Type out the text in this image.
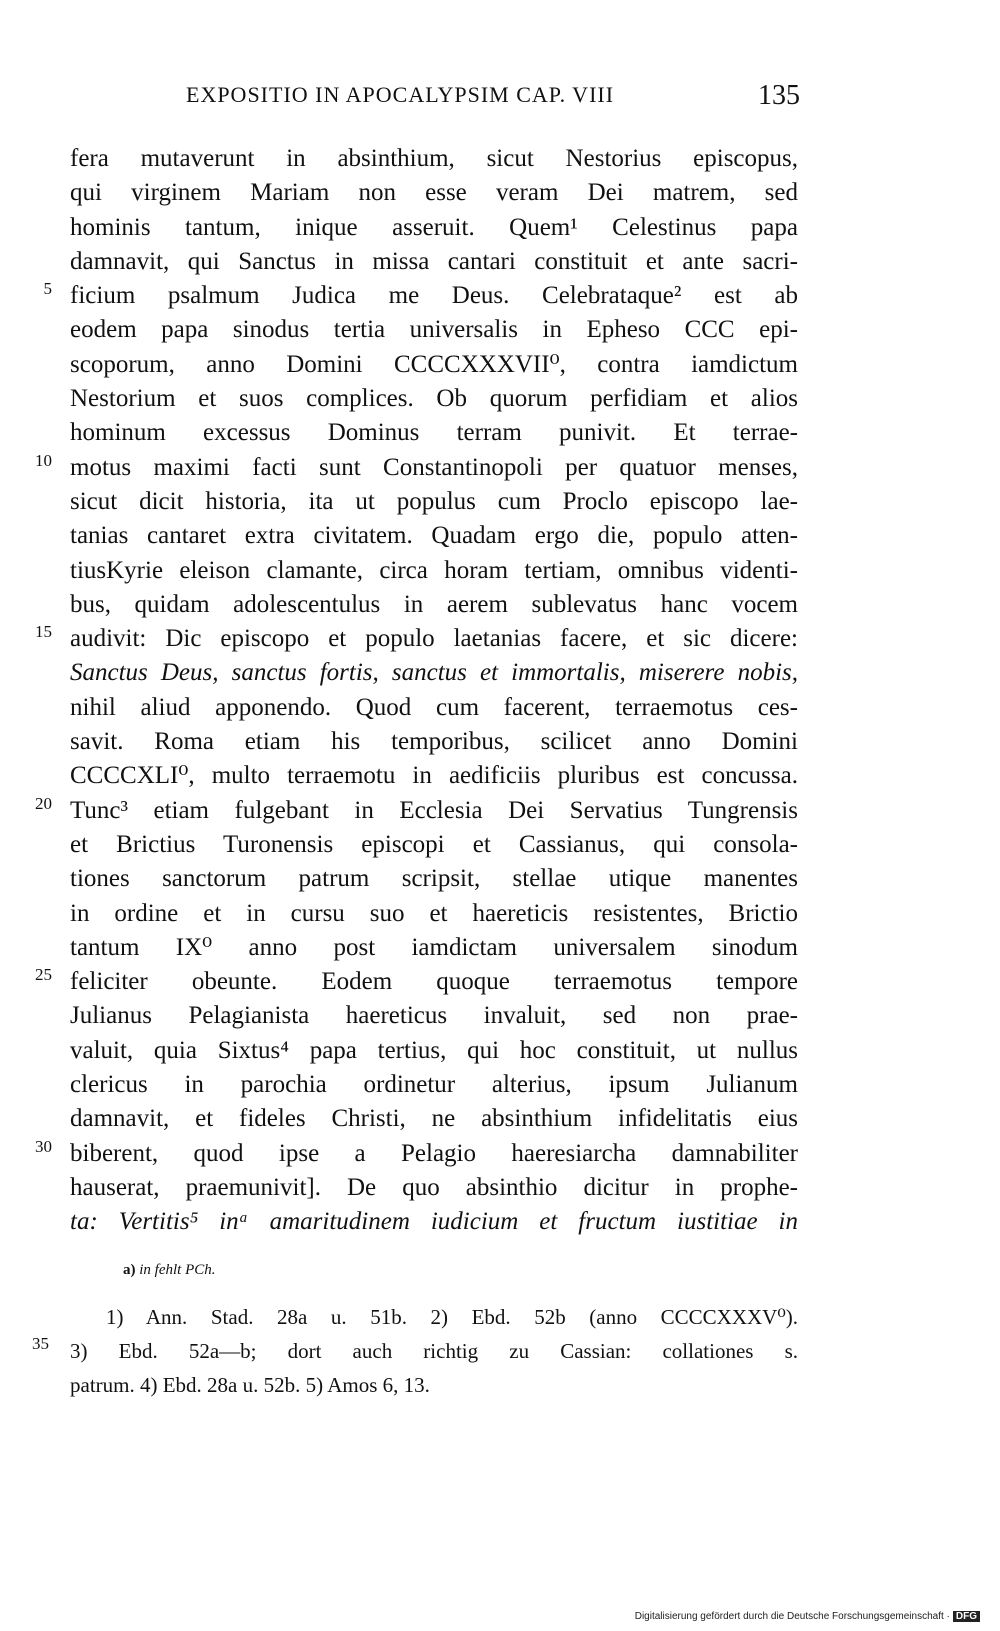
EXPOSITIO IN APOCALYPSIM CAP. VIII	135
fera mutaverunt in absinthium, sicut Nestorius episcopus,
qui virginem Mariam non esse veram Dei matrem, sed
hominis tantum, inique asseruit. Quem¹ Celestinus papa
damnavit, qui Sanctus in missa cantari constituit et ante sacri-
5 ficium psalmum Judica me Deus. Celebrataque² est ab
eodem papa sinodus tertia universalis in Epheso CCC epi-
scoporum, anno Domini CCCCXXXVII⁰, contra iamdictum
Nestorium et suos complices. Ob quorum perfidiam et alios
hominum excessus Dominus terram punivit. Et terrae-
10 motus maximi facti sunt Constantinopoli per quatuor menses,
sicut dicit historia, ita ut populus cum Proclo episcopo lae-
tanias cantaret extra civitatem. Quadam ergo die, populo atten-
tiusKyrie eleison clamante, circa horam tertiam, omnibus videnti-
bus, quidam adolescentulus in aerem sublevatus hanc vocem
15 audivit: Dic episcopo et populo laetanias facere, et sic dicere:
Sanctus Deus, sanctus fortis, sanctus et immortalis, miserere nobis,
nihil aliud apponendo. Quod cum facerent, terraemotus ces-
savit. Roma etiam his temporibus, scilicet anno Domini
CCCCXLI⁰, multo terraemotu in aedificiis pluribus est concussa.
20 Tunc³ etiam fulgebant in Ecclesia Dei Servatius Tungrensis
et Brictius Turonensis episcopi et Cassianus, qui consola-
tiones sanctorum patrum scripsit, stellae utique manentes
in ordine et in cursu suo et haereticis resistentes, Brictio
tantum IX⁰ anno post iamdictam universalem sinodum
25 feliciter obeunte. Eodem quoque terraemotus tempore
Julianus Pelagianista haereticus invaluit, sed non prae-
valuit, quia Sixtus⁴ papa tertius, qui hoc constituit, ut nullus
clericus in parochia ordinetur alterius, ipsum Julianum
damnavit, et fideles Christi, ne absinthium infidelitatis eius
30 biberent, quod ipse a Pelagio haeresiarcha damnabiliter
hauserat, praemunivit]. De quo absinthio dicitur in prophe-
ta: Vertitis⁵ inᵃ amaritudinem iudicium et fructum iustitiae in
a) in fehlt PCh.
1) Ann. Stad. 28a u. 51b. 2) Ebd. 52b (anno CCCCXXXV⁰).
35 3) Ebd. 52a—b; dort auch richtig zu Cassian: collationes s.
patrum. 4) Ebd. 28a u. 52b. 5) Amos 6, 13.
Digitalisierung gefördert durch die Deutsche Forschungsgemeinschaft · DFG
